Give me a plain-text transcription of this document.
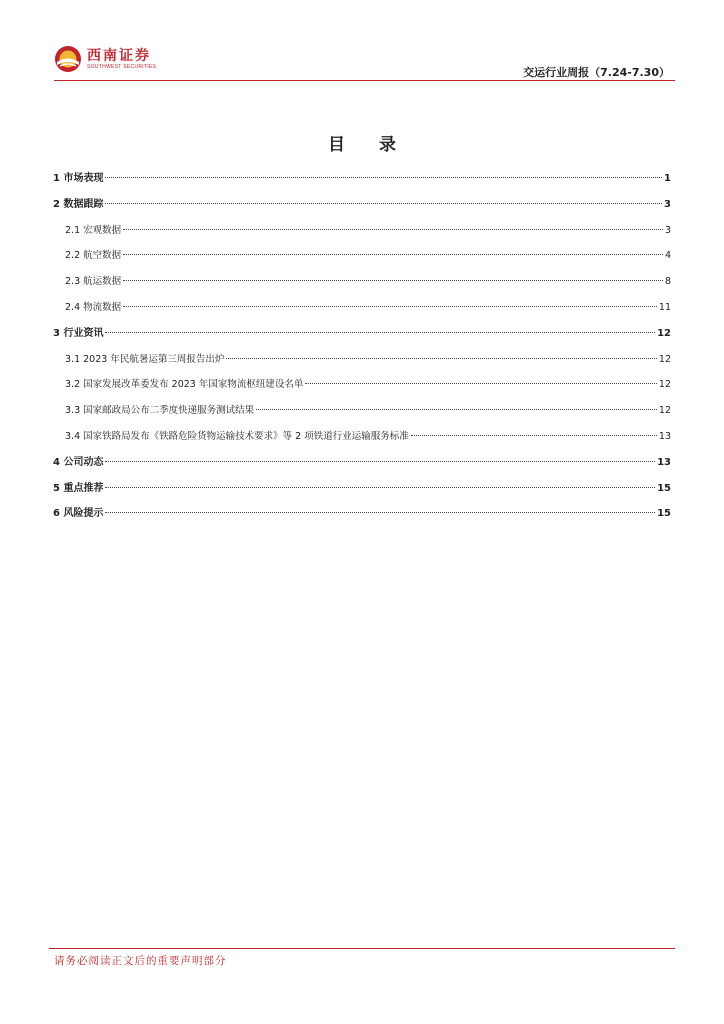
西南证券
SOUTHWEST SECURITIES	交运行业周报（7.24-7.30）
目 录
1 市场表现	1
2 数据跟踪	3
2.1 宏观数据	3
2.2 航空数据	4
2.3 航运数据	8
2.4 物流数据	11
3 行业资讯	12
3.1 2023 年民航暑运第三周报告出炉	12
3.2 国家发展改革委发布 2023 年国家物流枢纽建设名单	12
3.3 国家邮政局公布二季度快递服务测试结果	12
3.4 国家铁路局发布《铁路危险货物运输技术要求》等 2 项铁道行业运输服务标准	13
4 公司动态	13
5 重点推荐	15
6 风险提示	15
请务必阅读正文后的重要声明部分
